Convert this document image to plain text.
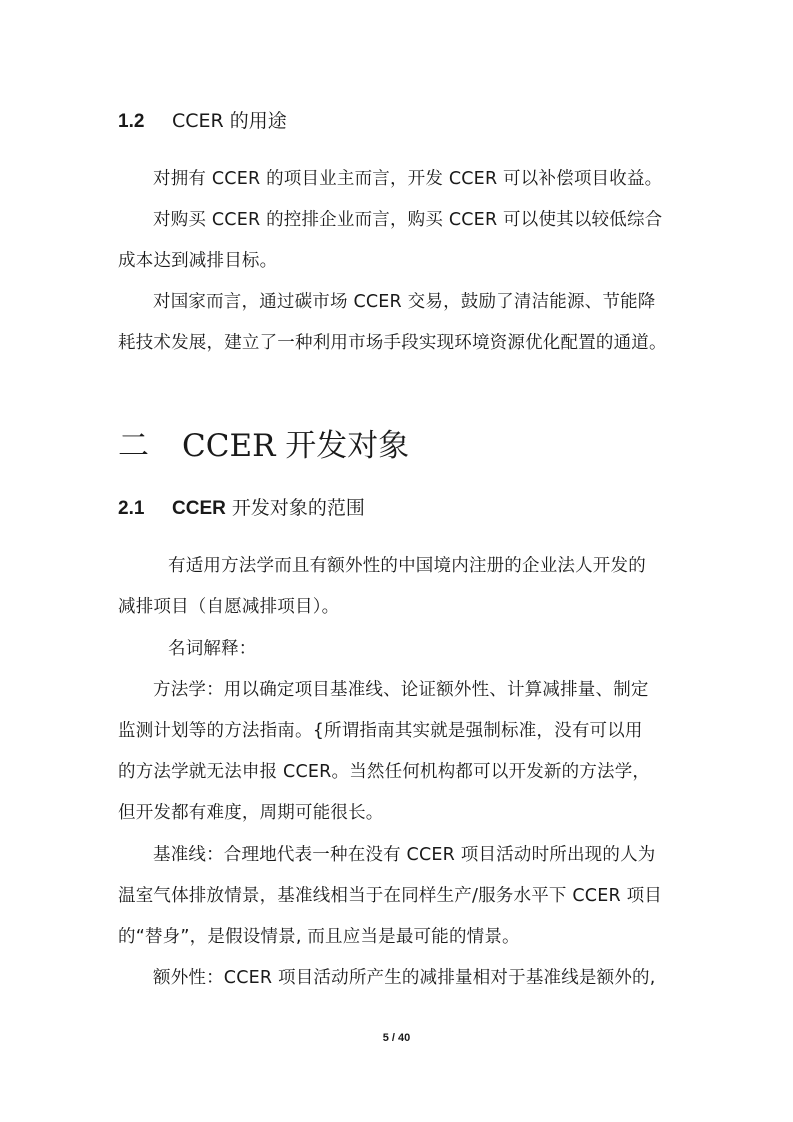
1.2 CCER 的用途
对拥有 CCER 的项目业主而言，开发 CCER 可以补偿项目收益。
对购买 CCER 的控排企业而言，购买 CCER 可以使其以较低综合
成本达到减排目标。
对国家而言，通过碳市场 CCER 交易，鼓励了清洁能源、节能降
耗技术发展，建立了一种利用市场手段实现环境资源优化配置的通道。
二 CCER 开发对象
2.1 CCER 开发对象的范围
有适用方法学而且有额外性的中国境内注册的企业法人开发的
减排项目（自愿减排项目）。
名词解释：
方法学：用以确定项目基准线、论证额外性、计算减排量、制定
监测计划等的方法指南。{所谓指南其实就是强制标准，没有可以用
的方法学就无法申报 CCER。当然任何机构都可以开发新的方法学，
但开发都有难度，周期可能很长。
基准线：合理地代表一种在没有 CCER 项目活动时所出现的人为
温室气体排放情景，基准线相当于在同样生产/服务水平下 CCER 项目
的“替身”，是假设情景, 而且应当是最可能的情景。
额外性：CCER 项目活动所产生的减排量相对于基准线是额外的,
5 / 40
